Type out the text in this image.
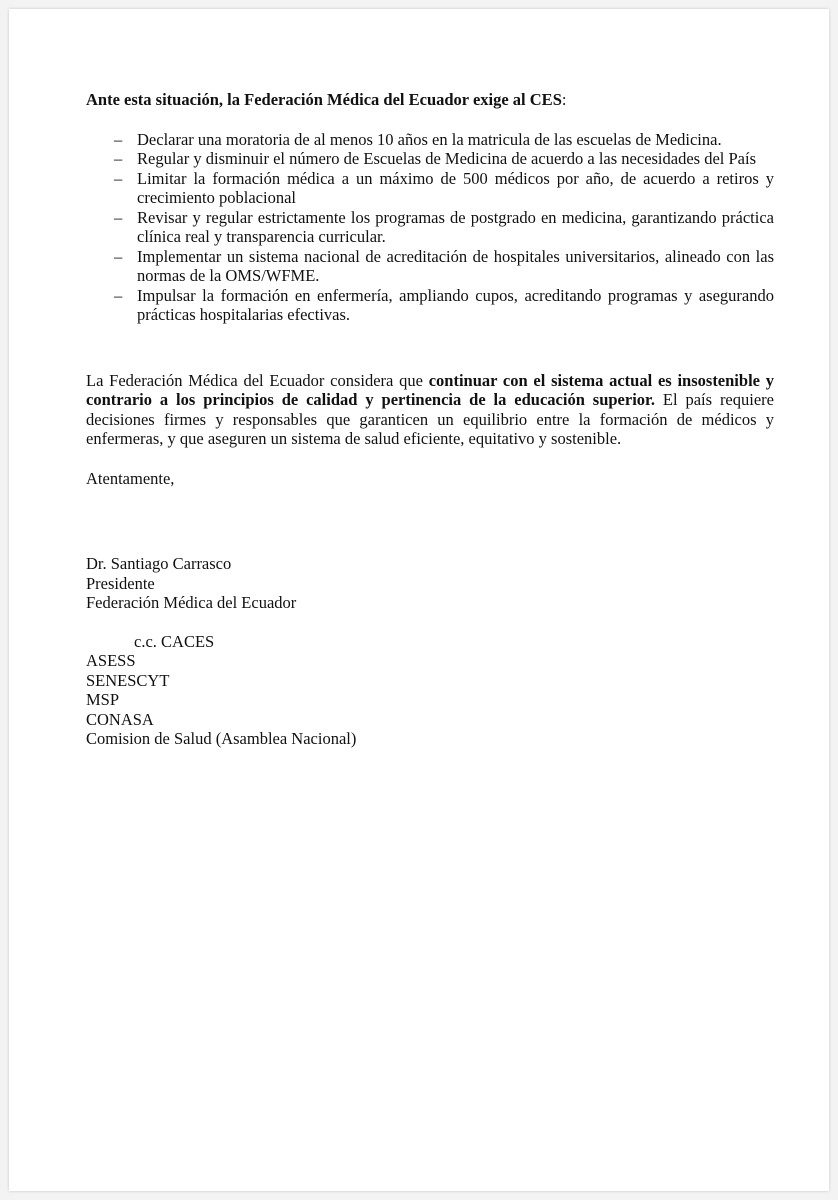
Ante esta situación, la Federación Médica del Ecuador exige al CES:

– Declarar una moratoria de al menos 10 años en la matricula de las escuelas de Medicina.
– Regular y disminuir el número de Escuelas de Medicina de acuerdo a las necesidades del País
– Limitar la formación médica a un máximo de 500 médicos por año, de acuerdo a retiros y crecimiento poblacional
– Revisar y regular estrictamente los programas de postgrado en medicina, garantizando práctica clínica real y transparencia curricular.
– Implementar un sistema nacional de acreditación de hospitales universitarios, alineado con las normas de la OMS/WFME.
– Impulsar la formación en enfermería, ampliando cupos, acreditando programas y asegurando prácticas hospitalarias efectivas.

La Federación Médica del Ecuador considera que continuar con el sistema actual es insostenible y contrario a los principios de calidad y pertinencia de la educación superior. El país requiere decisiones firmes y responsables que garanticen un equilibrio entre la formación de médicos y enfermeras, y que aseguren un sistema de salud eficiente, equitativo y sostenible.

Atentamente,

Dr. Santiago Carrasco
Presidente
Federación Médica del Ecuador
c.c. CACES
ASESS
SENESCYT
MSP
CONASA
Comision de Salud (Asamblea Nacional)
